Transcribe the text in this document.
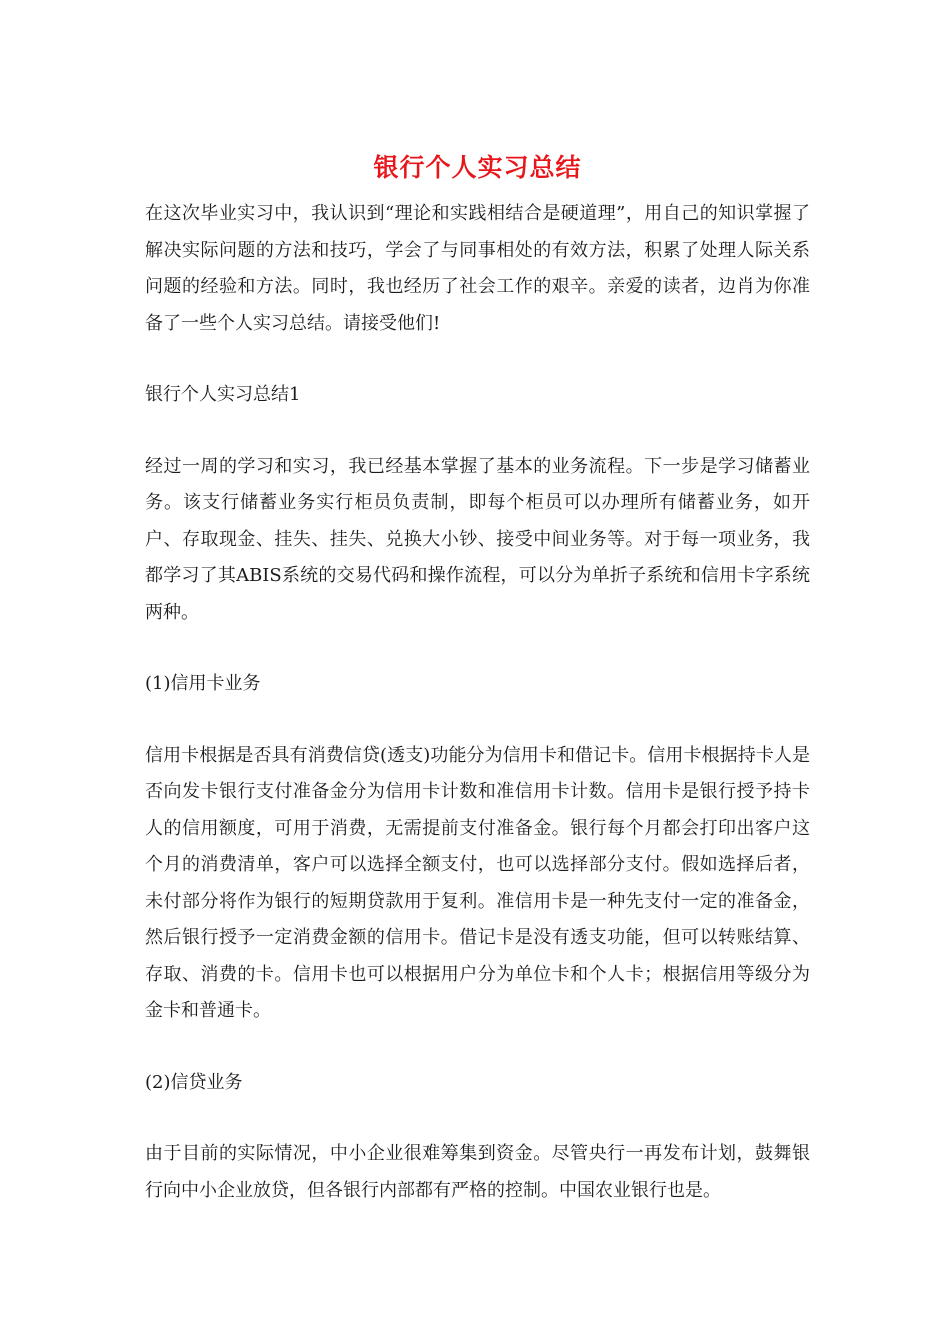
银行个人实习总结

在这次毕业实习中，我认识到“理论和实践相结合是硬道理”，用自己的知识掌握了解决实际问题的方法和技巧，学会了与同事相处的有效方法，积累了处理人际关系问题的经验和方法。同时，我也经历了社会工作的艰辛。亲爱的读者，边肖为你准备了一些个人实习总结。请接受他们!

银行个人实习总结1

经过一周的学习和实习，我已经基本掌握了基本的业务流程。下一步是学习储蓄业务。该支行储蓄业务实行柜员负责制，即每个柜员可以办理所有储蓄业务，如开户、存取现金、挂失、挂失、兑换大小钞、接受中间业务等。对于每一项业务，我都学习了其ABIS系统的交易代码和操作流程，可以分为单折子系统和信用卡字系统两种。

(1)信用卡业务

信用卡根据是否具有消费信贷(透支)功能分为信用卡和借记卡。信用卡根据持卡人是否向发卡银行支付准备金分为信用卡计数和准信用卡计数。信用卡是银行授予持卡人的信用额度，可用于消费，无需提前支付准备金。银行每个月都会打印出客户这个月的消费清单，客户可以选择全额支付，也可以选择部分支付。假如选择后者，未付部分将作为银行的短期贷款用于复利。准信用卡是一种先支付一定的准备金，然后银行授予一定消费金额的信用卡。借记卡是没有透支功能，但可以转账结算、存取、消费的卡。信用卡也可以根据用户分为单位卡和个人卡；根据信用等级分为金卡和普通卡。

(2)信贷业务

由于目前的实际情况，中小企业很难筹集到资金。尽管央行一再发布计划，鼓舞银行向中小企业放贷，但各银行内部都有严格的控制。中国农业银行也是。
